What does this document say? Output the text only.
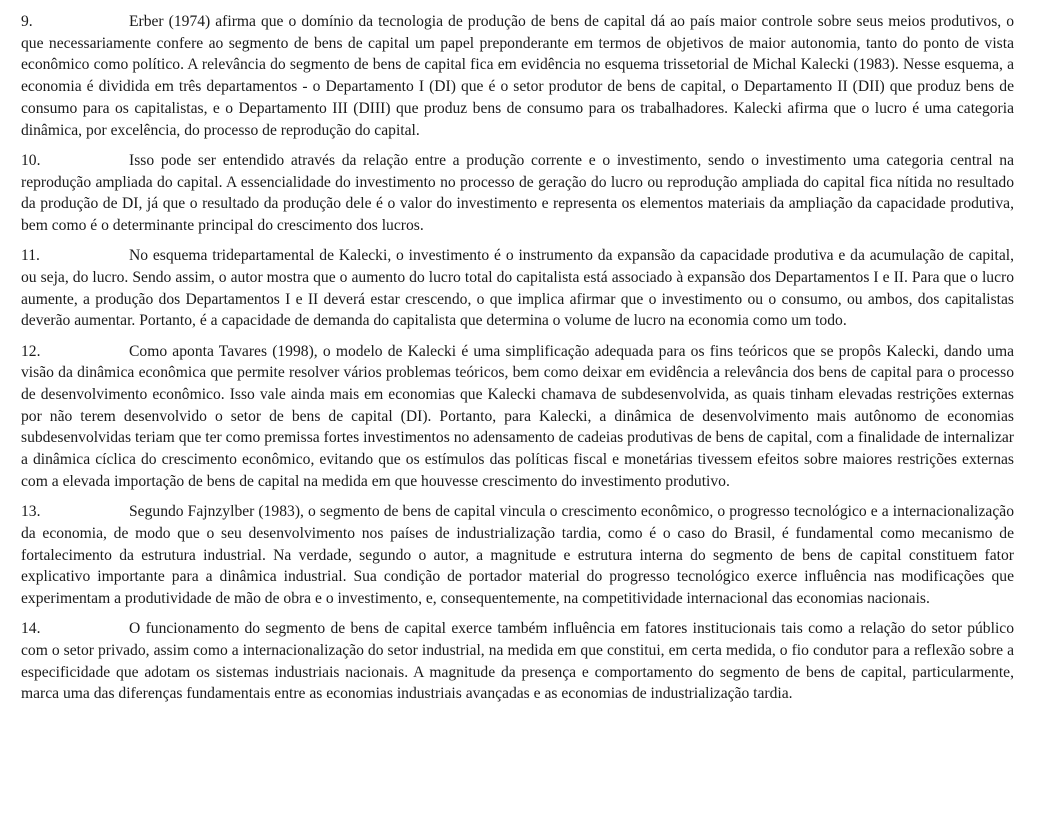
9.	Erber (1974) afirma que o domínio da tecnologia de produção de bens de capital dá ao país maior controle sobre seus meios produtivos, o que necessariamente confere ao segmento de bens de capital um papel preponderante em termos de objetivos de maior autonomia, tanto do ponto de vista econômico como político. A relevância do segmento de bens de capital fica em evidência no esquema trissetorial de Michal Kalecki (1983). Nesse esquema, a economia é dividida em três departamentos - o Departamento I (DI) que é o setor produtor de bens de capital, o Departamento II (DII) que produz bens de consumo para os capitalistas, e o Departamento III (DIII) que produz bens de consumo para os trabalhadores. Kalecki afirma que o lucro é uma categoria dinâmica, por excelência, do processo de reprodução do capital.

10.	Isso pode ser entendido através da relação entre a produção corrente e o investimento, sendo o investimento uma categoria central na reprodução ampliada do capital. A essencialidade do investimento no processo de geração do lucro ou reprodução ampliada do capital fica nítida no resultado da produção de DI, já que o resultado da produção dele é o valor do investimento e representa os elementos materiais da ampliação da capacidade produtiva, bem como é o determinante principal do crescimento dos lucros.

11.	No esquema tridepartamental de Kalecki, o investimento é o instrumento da expansão da capacidade produtiva e da acumulação de capital, ou seja, do lucro. Sendo assim, o autor mostra que o aumento do lucro total do capitalista está associado à expansão dos Departamentos I e II. Para que o lucro aumente, a produção dos Departamentos I e II deverá estar crescendo, o que implica afirmar que o investimento ou o consumo, ou ambos, dos capitalistas deverão aumentar. Portanto, é a capacidade de demanda do capitalista que determina o volume de lucro na economia como um todo.

12.	Como aponta Tavares (1998), o modelo de Kalecki é uma simplificação adequada para os fins teóricos que se propôs Kalecki, dando uma visão da dinâmica econômica que permite resolver vários problemas teóricos, bem como deixar em evidência a relevância dos bens de capital para o processo de desenvolvimento econômico. Isso vale ainda mais em economias que Kalecki chamava de subdesenvolvida, as quais tinham elevadas restrições externas por não terem desenvolvido o setor de bens de capital (DI). Portanto, para Kalecki, a dinâmica de desenvolvimento mais autônomo de economias subdesenvolvidas teriam que ter como premissa fortes investimentos no adensamento de cadeias produtivas de bens de capital, com a finalidade de internalizar a dinâmica cíclica do crescimento econômico, evitando que os estímulos das políticas fiscal e monetárias tivessem efeitos sobre maiores restrições externas com a elevada importação de bens de capital na medida em que houvesse crescimento do investimento produtivo.

13.	Segundo Fajnzylber (1983), o segmento de bens de capital vincula o crescimento econômico, o progresso tecnológico e a internacionalização da economia, de modo que o seu desenvolvimento nos países de industrialização tardia, como é o caso do Brasil, é fundamental como mecanismo de fortalecimento da estrutura industrial. Na verdade, segundo o autor, a magnitude e estrutura interna do segmento de bens de capital constituem fator explicativo importante para a dinâmica industrial. Sua condição de portador material do progresso tecnológico exerce influência nas modificações que experimentam a produtividade de mão de obra e o investimento, e, consequentemente, na competitividade internacional das economias nacionais.

14.	O funcionamento do segmento de bens de capital exerce também influência em fatores institucionais tais como a relação do setor público com o setor privado, assim como a internacionalização do setor industrial, na medida em que constitui, em certa medida, o fio condutor para a reflexão sobre a especificidade que adotam os sistemas industriais nacionais. A magnitude da presença e comportamento do segmento de bens de capital, particularmente, marca uma das diferenças fundamentais entre as economias industriais avançadas e as economias de industrialização tardia.
